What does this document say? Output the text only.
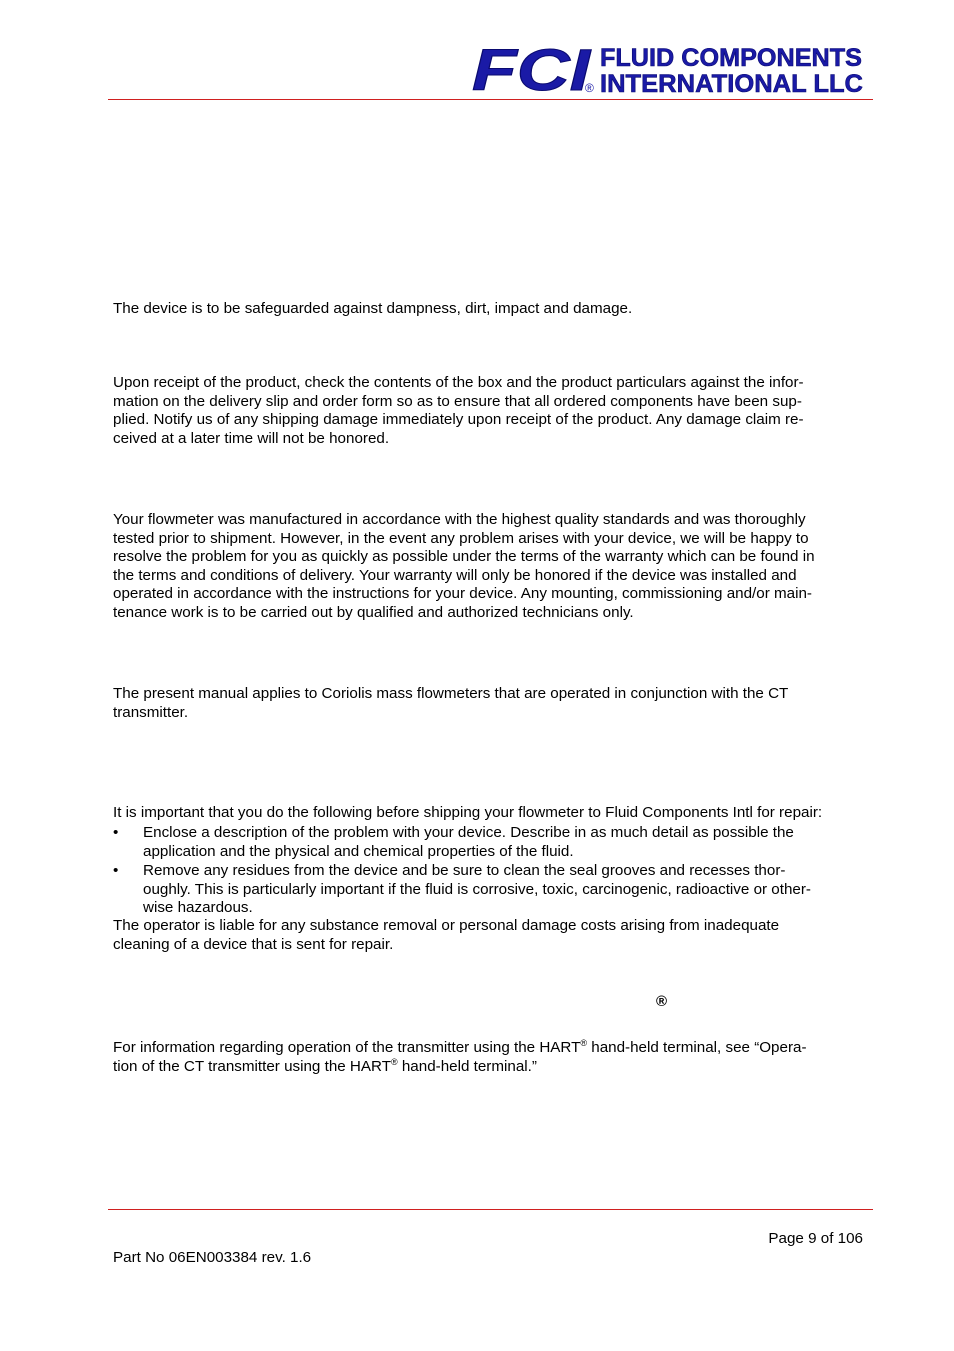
FCI
®
FLUID COMPONENTS
INTERNATIONAL LLC

The device is to be safeguarded against dampness, dirt, impact and damage.

Upon receipt of the product, check the contents of the box and the product particulars against the infor-
mation on the delivery slip and order form so as to ensure that all ordered components have been sup-
plied. Notify us of any shipping damage immediately upon receipt of the product. Any damage claim re-
ceived at a later time will not be honored.

Your flowmeter was manufactured in accordance with the highest quality standards and was thoroughly
tested prior to shipment. However, in the event any problem arises with your device, we will be happy to
resolve the problem for you as quickly as possible under the terms of the warranty which can be found in
the terms and conditions of delivery. Your warranty will only be honored if the device was installed and
operated in accordance with the instructions for your device. Any mounting, commissioning and/or main-
tenance work is to be carried out by qualified and authorized technicians only.

The present manual applies to Coriolis mass flowmeters that are operated in conjunction with the CT
transmitter.

It is important that you do the following before shipping your flowmeter to Fluid Components Intl for repair:

•	Enclose a description of the problem with your device. Describe in as much detail as possible the
application and the physical and chemical properties of the fluid.
•	Remove any residues from the device and be sure to clean the seal grooves and recesses thor-
oughly. This is particularly important if the fluid is corrosive, toxic, carcinogenic, radioactive or other-
wise hazardous.

The operator is liable for any substance removal or personal damage costs arising from inadequate
cleaning of a device that is sent for repair.

®

For information regarding operation of the transmitter using the HART® hand-held terminal, see “Opera-
tion of the CT transmitter using the HART® hand-held terminal.”

Page 9 of 106
Part No 06EN003384 rev. 1.6
